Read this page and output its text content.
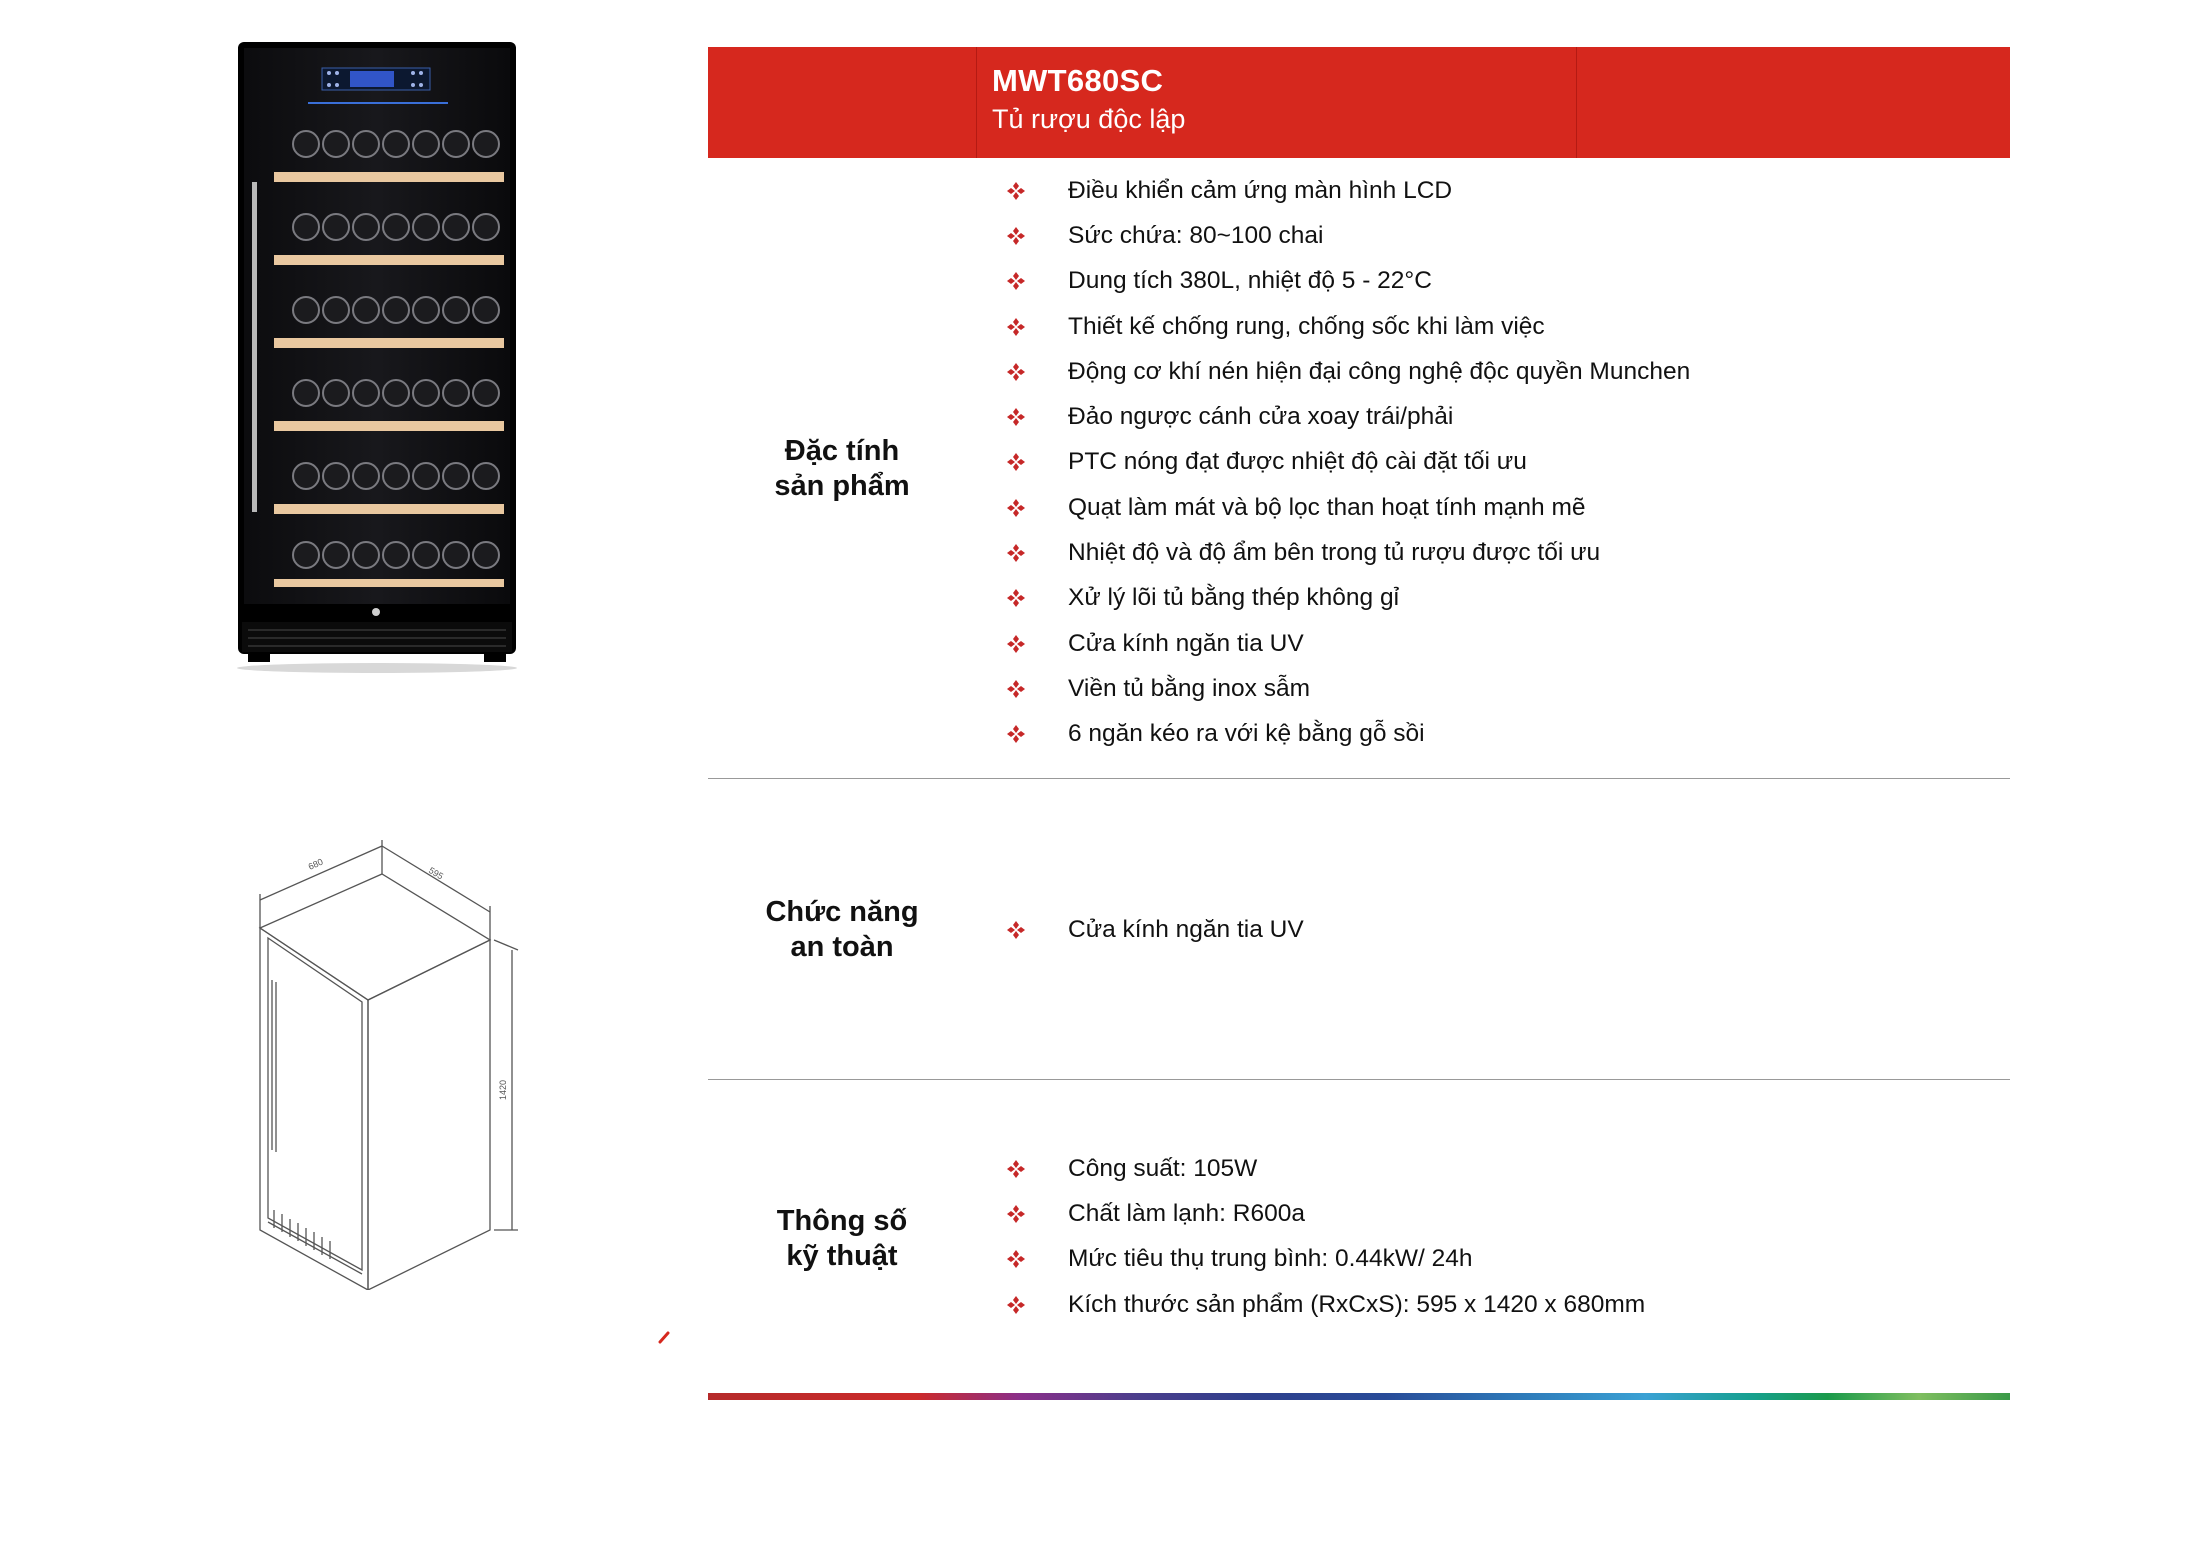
680
595
1420
MWT680SC
Tủ rượu độc lập
Đặc tính
sản phẩm
Điều khiển cảm ứng màn hình LCD
Sức chứa: 80~100 chai
Dung tích 380L, nhiệt độ 5 - 22°C
Thiết kế chống rung, chống sốc khi làm việc
Động cơ khí nén hiện đại công nghệ độc quyền Munchen
Đảo ngược cánh cửa xoay trái/phải
PTC nóng đạt được nhiệt độ cài đặt tối ưu
Quạt làm mát và bộ lọc than hoạt tính mạnh mẽ
Nhiệt độ và độ ẩm bên trong tủ rượu được tối ưu
Xử lý lõi tủ bằng thép không gỉ
Cửa kính ngăn tia UV
Viền tủ bằng inox sẫm
6 ngăn kéo ra với kệ bằng gỗ sồi
Chức năng
an toàn
Cửa kính ngăn tia UV
Thông số
kỹ thuật
Công suất: 105W
Chất làm lạnh: R600a
Mức tiêu thụ trung bình: 0.44kW/ 24h
Kích thước sản phẩm (RxCxS): 595 x 1420 x 680mm
